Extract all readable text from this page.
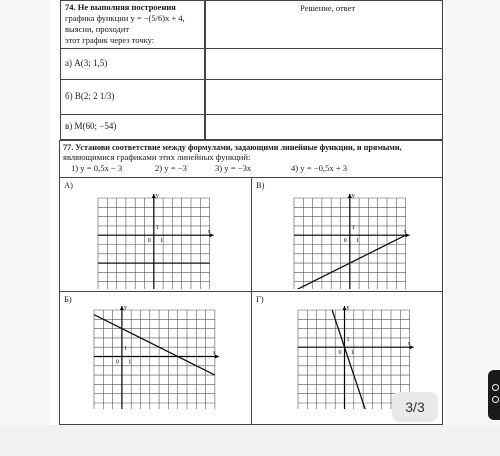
74. Не выполняя построения
графика функции y = −(5/6)x + 4,
выясни, проходит
этот график через точку:
Решение, ответ
а) A(3; 1,5)
б) B(2; 2 1/3)
в) M(60; −54)
77. Установи соответствие между формулами, задающими линейные функции, и прямыми,
являющимися графиками этих линейных функций:
1) y = 0,5x − 3	2) y = −3	3) y = −3x	4) y = −0,5x + 3
А)
x
y
0 1
1
В)
x
y
0 1
1
Б)
x
y
0 1
1
Г)
x
y
0 1
1
3/3
